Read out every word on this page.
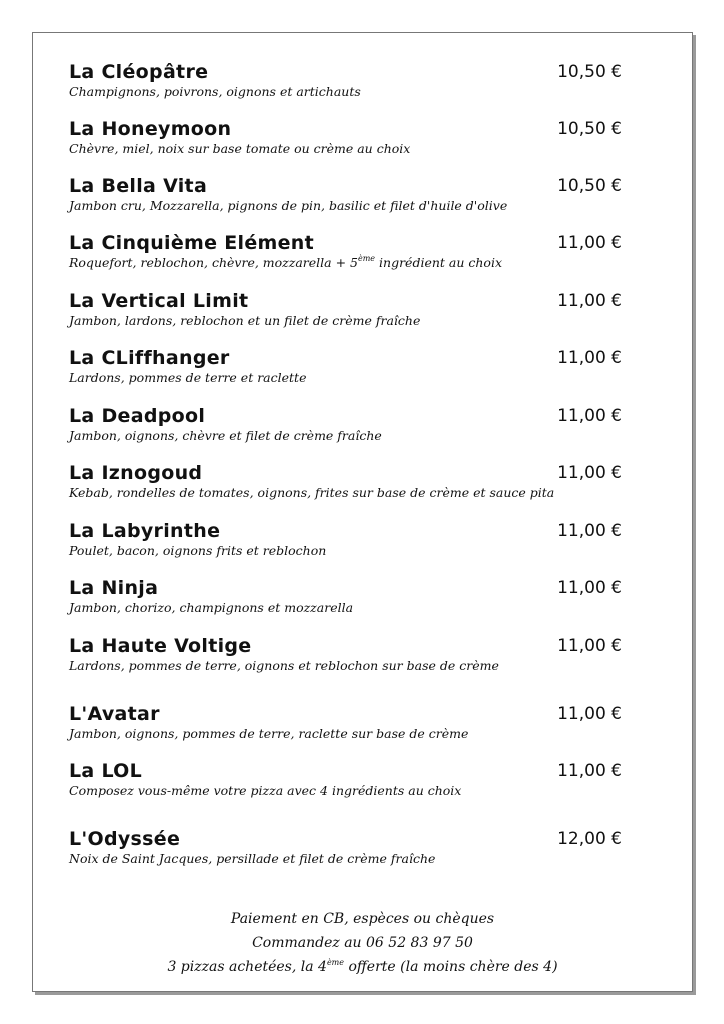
La Cléopâtre	10,50 €
Champignons, poivrons, oignons et artichauts
La Honeymoon	10,50 €
Chèvre, miel, noix sur base tomate ou crème au choix
La Bella Vita	10,50 €
Jambon cru, Mozzarella, pignons de pin, basilic et filet d'huile d'olive
La Cinquième Elément	11,00 €
Roquefort, reblochon, chèvre, mozzarella + 5ème ingrédient au choix
La Vertical Limit	11,00 €
Jambon, lardons, reblochon et un filet de crème fraîche
La CLiffhanger	11,00 €
Lardons, pommes de terre et raclette
La Deadpool	11,00 €
Jambon, oignons, chèvre et filet de crème fraîche
La Iznogoud	11,00 €
Kebab, rondelles de tomates, oignons, frites sur base de crème et sauce pita
La Labyrinthe	11,00 €
Poulet, bacon, oignons frits et reblochon
La Ninja	11,00 €
Jambon, chorizo, champignons et mozzarella
La Haute Voltige	11,00 €
Lardons, pommes de terre, oignons et reblochon sur base de crème
L'Avatar	11,00 €
Jambon, oignons, pommes de terre, raclette sur base de crème
La LOL	11,00 €
Composez vous-même votre pizza avec 4 ingrédients au choix
L'Odyssée	12,00 €
Noix de Saint Jacques, persillade et filet de crème fraîche
Paiement en CB, espèces ou chèques
Commandez au 06 52 83 97 50
3 pizzas achetées, la 4ème offerte (la moins chère des 4)
